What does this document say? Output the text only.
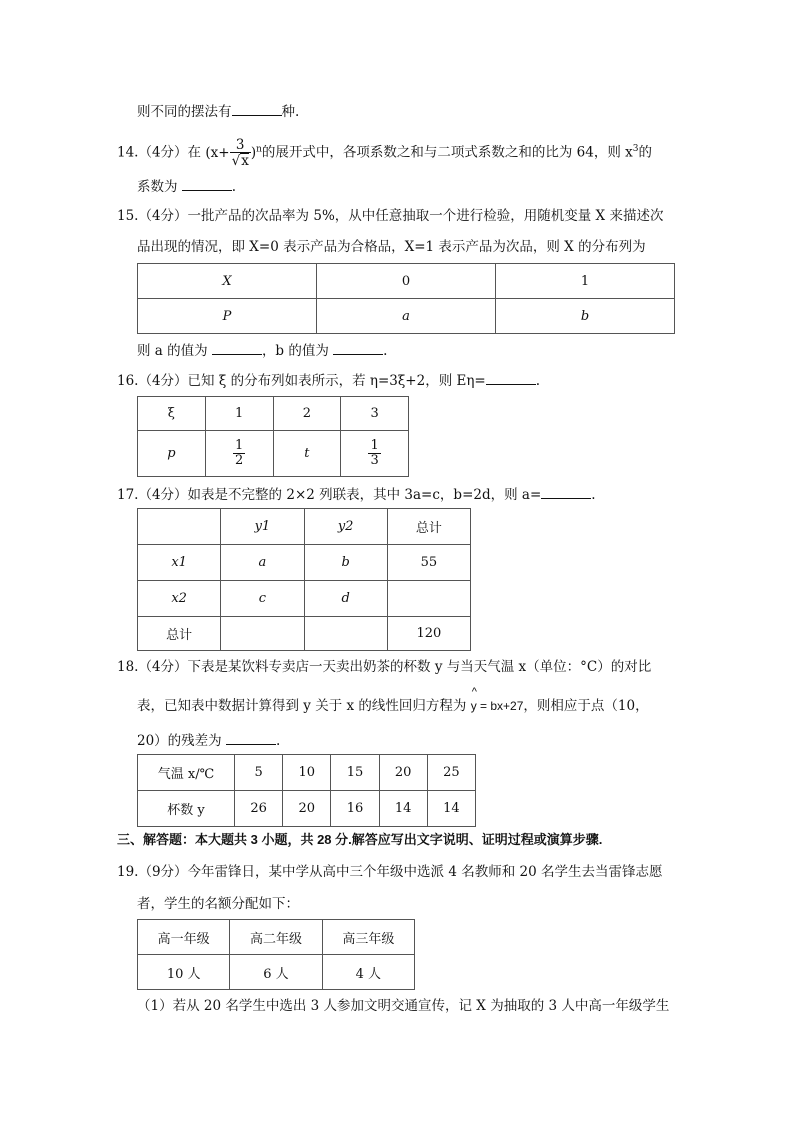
则不同的摆法有	种.
14.（4分）在 $(x+ \frac{3}{√x} )^n$的展开式中，各项系数之和与二项式系数之和的比为 64，则 $x^3$的
系数为	.
15.（4分）一批产品的次品率为 5%，从中任意抽取一个进行检验，用随机变量 X 来描述次
品出现的情况，即 X=0 表示产品为合格品，X=1 表示产品为次品，则 X 的分布列为
X	0	1
P	a	b
则 a 的值为	，b 的值为	.
16.（4分）已知 ξ 的分布列如表所示，若 η=3ξ+2，则 Eη=	.
ξ	1	2	3
p	$\frac{1}{2}$	t	$\frac{1}{3}$
17.（4分）如表是不完整的 2×2 列联表，其中 3a=c，b=2d，则 a=	.
	y1	y2	总计
x1	a	b	55
x2	c	d	
总计			120
18.（4分）下表是某饮料专卖店一天卖出奶茶的杯数 y 与当天气温 x（单位：°C）的对比
表，已知表中数据计算得到 y 关于 x 的线性回归方程为 ^ y = bx+27，则相应于点（10，
20）的残差为	.
气温 x/℃	5	10	15	20	25
杯数 y	26	20	16	14	14
三、解答题：本大题共 3 小题，共 28 分.解答应写出文字说明、证明过程或演算步骤.
19.（9分）今年雷锋日，某中学从高中三个年级中选派 4 名教师和 20 名学生去当雷锋志愿
者，学生的名额分配如下：
高一年级	高二年级	高三年级
10 人	6 人	4 人
（1）若从 20 名学生中选出 3 人参加文明交通宣传，记 X 为抽取的 3 人中高一年级学生
